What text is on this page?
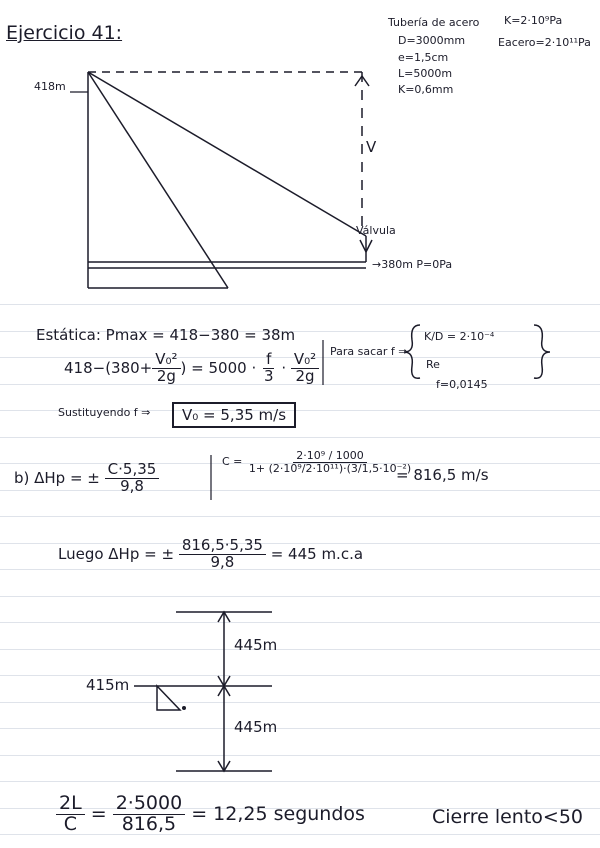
Ejercicio 41:	Tubería de acero
D=3000mm
e=1,5cm
L=5000m
K=0,6mm
K=2·10⁹Pa
Eacero=2·10¹¹Pa
418m
V
Válvula
→380m P=0Pa
Estática: Pmax = 418−380 = 38m
$418-(380+ \frac{\text{V₀²}}{2g}$ ) = $5000 \cdot \frac{f}{3} \cdot \frac{\text{V₀²}}{2g}$
Para sacar f ⇒
K/D = 2·10⁻⁴
Re
f=0,0145
Sustituyendo f ⇒	V₀ = 5,35 m/s
b) ΔHp = ± $\frac{C\cdot 5,35}{9,8}$
$C = \frac{\text{2·10⁹ / 1000}}{\text{1+ (2·10⁹/2·10¹¹)·(3/1,5·10⁻²)}}$
= 816,5 m/s
Luego ΔHp = ± $\frac{816,5\cdot 5,35}{9,8} = 445$ m.c.a
445m
415m
445m
$\frac{2L}{C} = \frac{2\cdot 5000}{816,5} = 12,25$ segundos	Cierre lento<50
